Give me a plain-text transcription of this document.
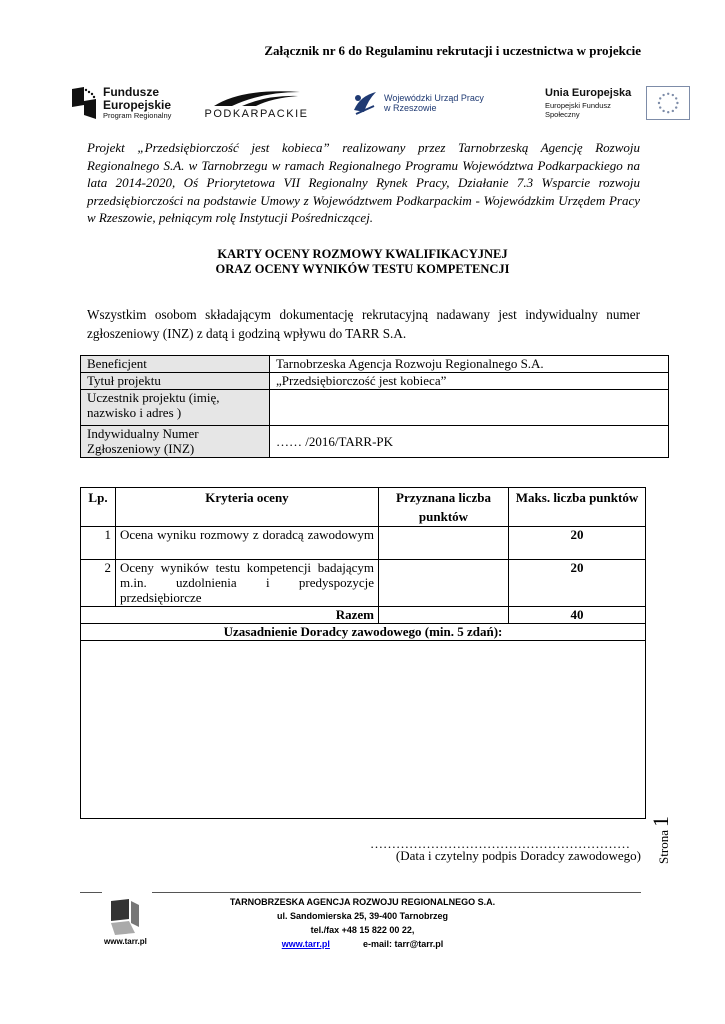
Załącznik nr 6 do Regulaminu rekrutacji i uczestnictwa w projekcie
Fundusze
Europejskie
Program Regionalny	PODKARPACKIE
Wojewódzki Urząd Pracy
w Rzeszowie
Unia Europejska
Europejski Fundusz Społeczny
Projekt „Przedsiębiorczość jest kobieca” realizowany przez Tarnobrzeską Agencję Rozwoju Regionalnego S.A. w Tarnobrzegu w ramach Regionalnego Programu Województwa Podkarpackiego na lata 2014-2020, Oś Priorytetowa VII Regionalny Rynek Pracy, Działanie 7.3 Wsparcie rozwoju przedsiębiorczości na podstawie Umowy z Województwem Podkarpackim - Wojewódzkim Urzędem Pracy w Rzeszowie, pełniącym rolę Instytucji Pośredniczącej.
KARTY OCENY ROZMOWY KWALIFIKACYJNEJ
ORAZ OCENY WYNIKÓW TESTU KOMPETENCJI
Wszystkim osobom składającym dokumentację rekrutacyjną nadawany jest indywidualny numer zgłoszeniowy (INZ) z datą i godziną wpływu do TARR S.A.
Beneficjent	Tarnobrzeska Agencja Rozwoju Regionalnego S.A.
Tytuł projektu	„Przedsiębiorczość jest kobieca”
Uczestnik projektu (imię, nazwisko i adres )	
Indywidualny Numer Zgłoszeniowy (INZ)	…… /2016/TARR-PK
Lp.	Kryteria oceny	Przyznana liczba punktów	Maks. liczba punktów
1	Ocena wyniku rozmowy z doradcą zawodowym		20
2	Oceny wyników testu kompetencji badającym m.in. uzdolnienia i predyspozycje przedsiębiorcze		20
Razem			40
Uzasadnienie Doradcy zawodowego (min. 5 zdań):			

……………………………………………………
(Data i czytelny podpis Doradcy zawodowego) Strona
1
www.tarr.pl
TARNOBRZESKA AGENCJA ROZWOJU REGIONALNEGO S.A.
ul. Sandomierska 25, 39-400 Tarnobrzeg
tel./fax +48 15 822 00 22,
www.tarr.pl	e-mail: tarr@tarr.pl
